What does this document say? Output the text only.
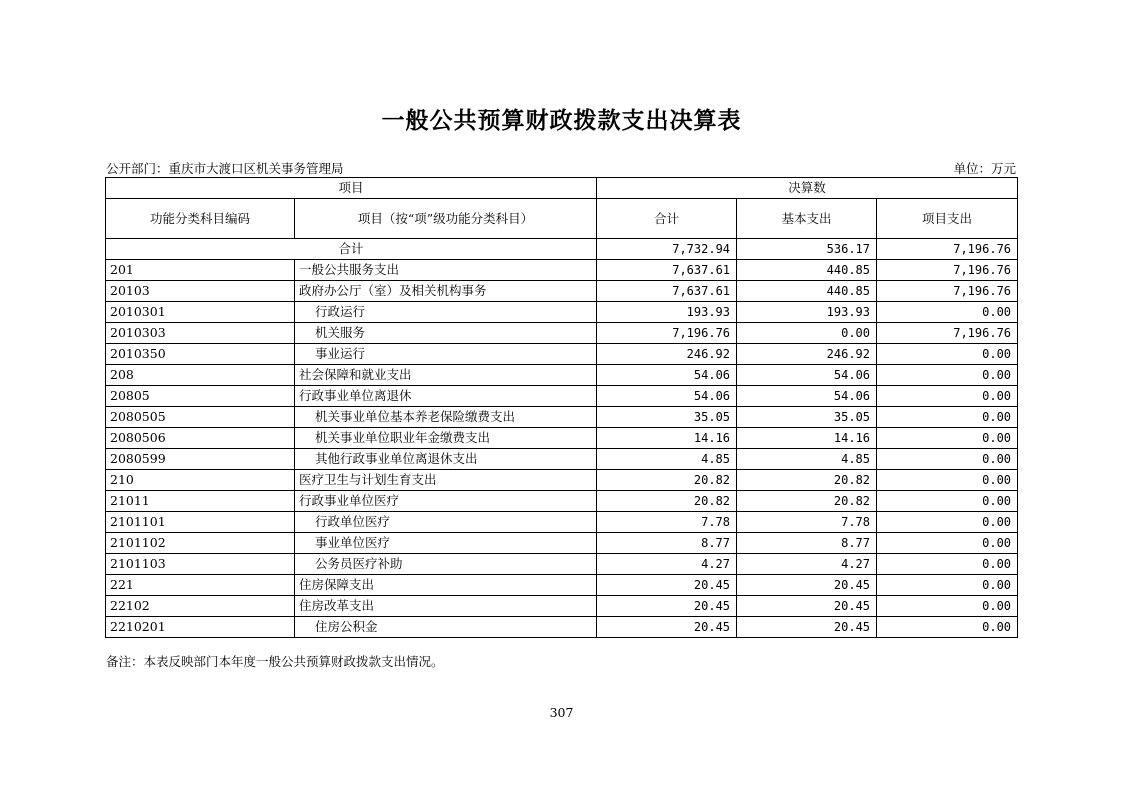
一般公共预算财政拨款支出决算表
公开部门：重庆市大渡口区机关事务管理局	单位：万元
项目		决算数		
功能分类科目编码	项目（按“项”级功能分类科目）	合计	基本支出	项目支出
合计		7,732.94	536.17	7,196.76
201	一般公共服务支出	7,637.61	440.85	7,196.76
20103	政府办公厅（室）及相关机构事务	7,637.61	440.85	7,196.76
2010301	行政运行	193.93	193.93	0.00
2010303	机关服务	7,196.76	0.00	7,196.76
2010350	事业运行	246.92	246.92	0.00
208	社会保障和就业支出	54.06	54.06	0.00
20805	行政事业单位离退休	54.06	54.06	0.00
2080505	机关事业单位基本养老保险缴费支出	35.05	35.05	0.00
2080506	机关事业单位职业年金缴费支出	14.16	14.16	0.00
2080599	其他行政事业单位离退休支出	4.85	4.85	0.00
210	医疗卫生与计划生育支出	20.82	20.82	0.00
21011	行政事业单位医疗	20.82	20.82	0.00
2101101	行政单位医疗	7.78	7.78	0.00
2101102	事业单位医疗	8.77	8.77	0.00
2101103	公务员医疗补助	4.27	4.27	0.00
221	住房保障支出	20.45	20.45	0.00
22102	住房改革支出	20.45	20.45	0.00
2210201	住房公积金	20.45	20.45	0.00
备注：本表反映部门本年度一般公共预算财政拨款支出情况。
307
